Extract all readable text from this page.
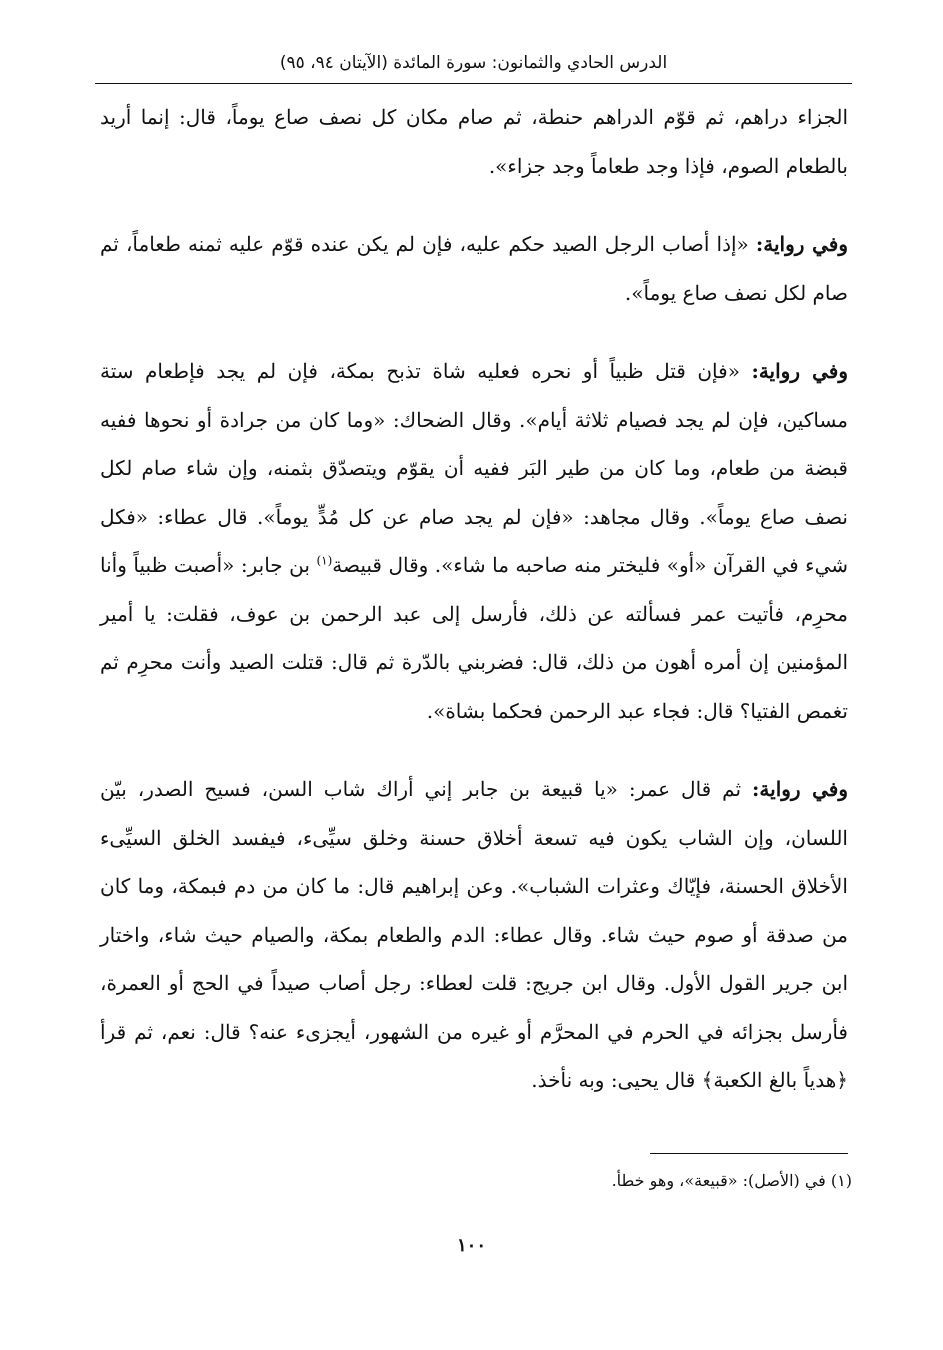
الدرس الحادي والثمانون: سورة المائدة (الآيتان ٩٤، ٩٥)

الجزاء دراهم، ثم قوّم الدراهم حنطة، ثم صام مكان كل نصف صاع يوماً، قال: إنما أريد بالطعام الصوم، فإذا وجد طعاماً وجد جزاء».

وفي رواية: «إذا أصاب الرجل الصيد حكم عليه، فإن لم يكن عنده قوّم عليه ثمنه طعاماً، ثم صام لكل نصف صاع يوماً».

وفي رواية: «فإن قتل ظبياً أو نحره فعليه شاة تذبح بمكة، فإن لم يجد فإطعام ستة مساكين، فإن لم يجد فصيام ثلاثة أيام». وقال الضحاك: «وما كان من جرادة أو نحوها ففيه قبضة من طعام، وما كان من طير البَر ففيه أن يقوّم ويتصدّق بثمنه، وإن شاء صام لكل نصف صاع يوماً». وقال مجاهد: «فإن لم يجد صام عن كل مُدٍّ يوماً». قال عطاء: «فكل شيء في القرآن «أو» فليختر منه صاحبه ما شاء». وقال قبيصة$^{(١)}$ بن جابر: «أصبت ظبياً وأنا محرِم، فأتيت عمر فسألته عن ذلك، فأرسل إلى عبد الرحمن بن عوف، فقلت: يا أمير المؤمنين إن أمره أهون من ذلك، قال: فضربني بالدّرة ثم قال: قتلت الصيد وأنت محرِم ثم تغمص الفتيا؟ قال: فجاء عبد الرحمن فحكما بشاة».

وفي رواية: ثم قال عمر: «يا قبيعة بن جابر إني أراك شاب السن، فسيح الصدر، بيّن اللسان، وإن الشاب يكون فيه تسعة أخلاق حسنة وخلق سيِّىء، فيفسد الخلق السيِّىء الأخلاق الحسنة، فإيّاك وعثرات الشباب». وعن إبراهيم قال: ما كان من دم فبمكة، وما كان من صدقة أو صوم حيث شاء. وقال عطاء: الدم والطعام بمكة، والصيام حيث شاء، واختار ابن جرير القول الأول. وقال ابن جريج: قلت لعطاء: رجل أصاب صيداً في الحج أو العمرة، فأرسل بجزائه في الحرم في المحرَّم أو غيره من الشهور، أيجزىء عنه؟ قال: نعم، ثم قرأ ﴿هدياً بالغ الكعبة﴾ قال يحيى: وبه نأخذ.

(١) في (الأصل): «قبيعة»، وهو خطأ.
١٠٠
